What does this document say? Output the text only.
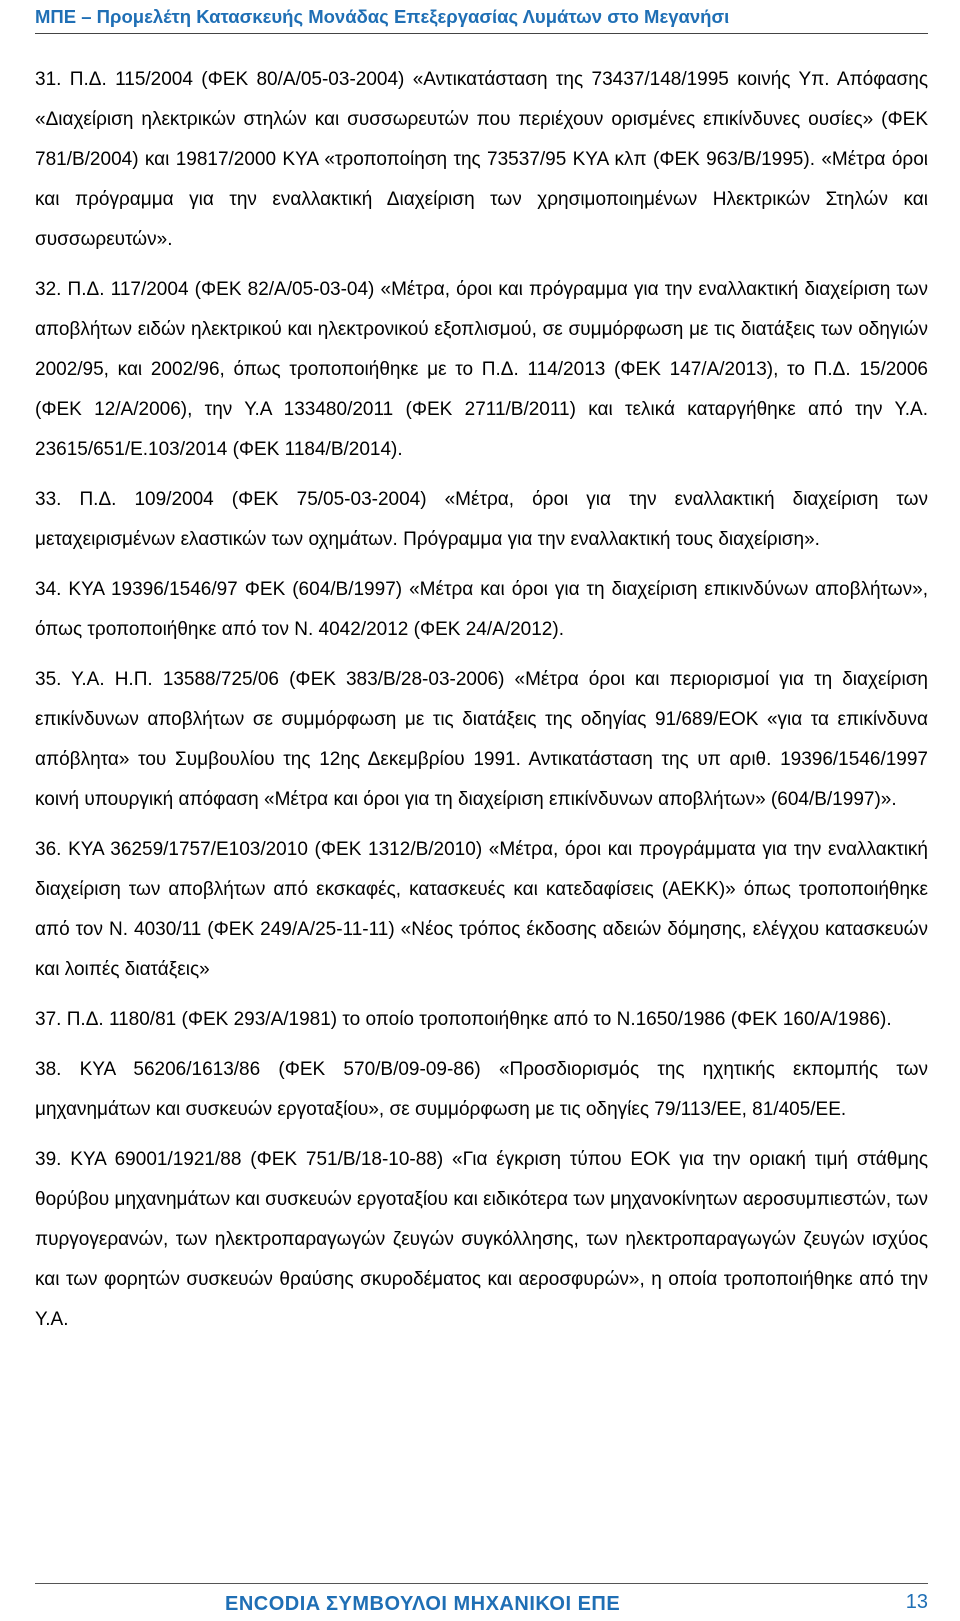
ΜΠΕ – Προμελέτη Κατασκευής Μονάδας Επεξεργασίας Λυμάτων στο Μεγανήσι

31. Π.Δ. 115/2004 (ΦΕΚ 80/Α/05-03-2004) «Αντικατάσταση της 73437/148/1995 κοινής Υπ. Απόφασης «Διαχείριση ηλεκτρικών στηλών και συσσωρευτών που περιέχουν ορισμένες επικίνδυνες ουσίες» (ΦΕΚ 781/Β/2004) και 19817/2000 ΚΥΑ «τροποποίηση της 73537/95 ΚΥΑ κλπ (ΦΕΚ 963/Β/1995). «Μέτρα όροι και πρόγραμμα για την εναλλακτική Διαχείριση των χρησιμοποιημένων Ηλεκτρικών Στηλών και συσσωρευτών».

32. Π.Δ. 117/2004 (ΦΕΚ 82/Α/05-03-04) «Μέτρα, όροι και πρόγραμμα για την εναλλακτική διαχείριση των αποβλήτων ειδών ηλεκτρικού και ηλεκτρονικού εξοπλισμού, σε συμμόρφωση με τις διατάξεις των οδηγιών 2002/95, και 2002/96, όπως τροποποιήθηκε με το Π.Δ. 114/2013 (ΦΕΚ 147/Α/2013), το Π.Δ. 15/2006 (ΦΕΚ 12/Α/2006), την Υ.Α 133480/2011 (ΦΕΚ 2711/Β/2011) και τελικά καταργήθηκε από την Υ.Α. 23615/651/Ε.103/2014 (ΦΕΚ 1184/Β/2014).

33. Π.Δ. 109/2004 (ΦΕΚ 75/05-03-2004) «Μέτρα, όροι για την εναλλακτική διαχείριση των μεταχειρισμένων ελαστικών των οχημάτων. Πρόγραμμα για την εναλλακτική τους διαχείριση».

34. ΚΥΑ 19396/1546/97 ΦΕΚ (604/Β/1997) «Μέτρα και όροι για τη διαχείριση επικινδύνων αποβλήτων», όπως τροποποιήθηκε από τον Ν. 4042/2012 (ΦΕΚ 24/Α/2012).

35. Υ.Α. Η.Π. 13588/725/06 (ΦΕΚ 383/Β/28-03-2006) «Μέτρα όροι και περιορισμοί για τη διαχείριση επικίνδυνων αποβλήτων σε συμμόρφωση με τις διατάξεις της οδηγίας 91/689/ΕΟΚ «για τα επικίνδυνα απόβλητα» του Συμβουλίου της 12ης Δεκεμβρίου 1991. Αντικατάσταση της υπ αριθ. 19396/1546/1997 κοινή υπουργική απόφαση «Μέτρα και όροι για τη διαχείριση επικίνδυνων αποβλήτων» (604/Β/1997)».

36. ΚΥΑ 36259/1757/Ε103/2010 (ΦΕΚ 1312/Β/2010) «Μέτρα, όροι και προγράμματα για την εναλλακτική διαχείριση των αποβλήτων από εκσκαφές, κατασκευές και κατεδαφίσεις (ΑΕΚΚ)» όπως τροποποιήθηκε από τον Ν. 4030/11 (ΦΕΚ 249/Α/25-11-11) «Νέος τρόπος έκδοσης αδειών δόμησης, ελέγχου κατασκευών και λοιπές διατάξεις»

37. Π.Δ. 1180/81 (ΦΕΚ 293/Α/1981) το οποίο τροποποιήθηκε από το Ν.1650/1986 (ΦΕΚ 160/Α/1986).

38. ΚΥΑ 56206/1613/86 (ΦΕΚ 570/Β/09-09-86) «Προσδιορισμός της ηχητικής εκπομπής των μηχανημάτων και συσκευών εργοταξίου», σε συμμόρφωση με τις οδηγίες 79/113/ΕΕ, 81/405/ΕΕ.

39. ΚΥΑ 69001/1921/88 (ΦΕΚ 751/Β/18-10-88) «Για έγκριση τύπου ΕΟΚ για την οριακή τιμή στάθμης θορύβου μηχανημάτων και συσκευών εργοταξίου και ειδικότερα των μηχανοκίνητων αεροσυμπιεστών, των πυργογερανών, των ηλεκτροπαραγωγών ζευγών συγκόλλησης, των ηλεκτροπαραγωγών ζευγών ισχύος και των φορητών συσκευών θραύσης σκυροδέματος και αεροσφυρών», η οποία τροποποιήθηκε από την Υ.Α.

ENCODIA ΣΥΜΒΟΥΛΟΙ ΜΗΧΑΝΙΚΟΙ ΕΠΕ	13
